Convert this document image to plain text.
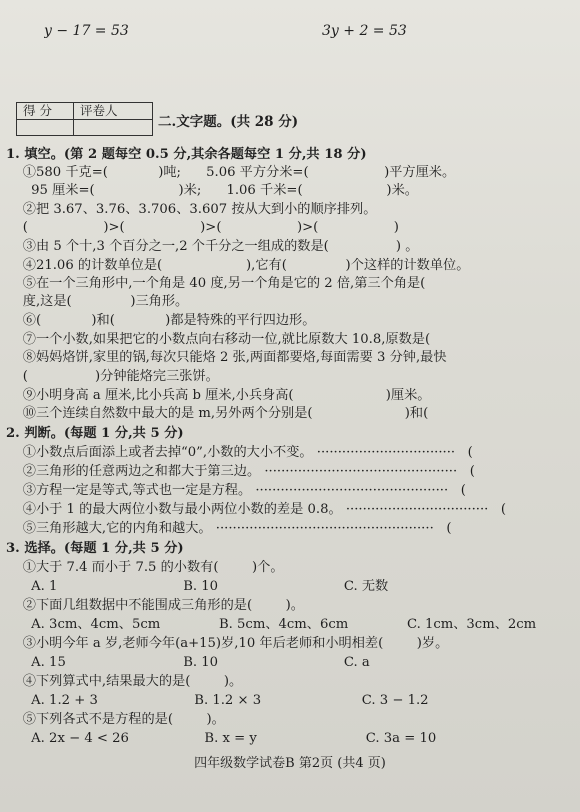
y − 17 = 53	3y + 2 = 53
得 分 评卷人
二.文字题。(共 28 分)
1. 填空。(第 2 题每空 0.5 分,其余各题每空 1 分,共 18 分)
①580 千克=(            )吨;      5.06 平方分米=(                  )平方厘米。
95 厘米=(                    )米;      1.06 千米=(                    )米。
②把 3.67、3.76、3.706、3.607 按从大到小的顺序排列。
(                  )>(                  )>(                  )>(                  )
③由 5 个十,3 个百分之一,2 个千分之一组成的数是(                ) 。
④21.06 的计数单位是(                    ),它有(              )个这样的计数单位。
⑤在一个三角形中,一个角是 40 度,另一个角是它的 2 倍,第三个角是(
度,这是(              )三角形。
⑥(            )和(            )都是特殊的平行四边形。
⑦一个小数,如果把它的小数点向右移动一位,就比原数大 10.8,原数是(
⑧妈妈烙饼,家里的锅,每次只能烙 2 张,两面都要烙,每面需要 3 分钟,最快
(                )分钟能烙完三张饼。
⑨小明身高 a 厘米,比小兵高 b 厘米,小兵身高(                      )厘米。
⑩三个连续自然数中最大的是 m,另外两个分别是(                      )和(
2. 判断。(每题 1 分,共 5 分)
①小数点后面添上或者去掉“0”,小数的大小不变。 ·································   (
②三角形的任意两边之和都大于第三边。 ··············································   (
③方程一定是等式,等式也一定是方程。 ··············································   (
④小于 1 的最大两位小数与最小两位小数的差是 0.8。 ··································   (
⑤三角形越大,它的内角和越大。 ····················································   (
3. 选择。(每题 1 分,共 5 分)
①大于 7.4 而小于 7.5 的小数有(        )个。
A. 1                              B. 10                              C. 无数
②下面几组数据中不能围成三角形的是(        )。
A. 3cm、4cm、5cm              B. 5cm、4cm、6cm              C. 1cm、3cm、2cm
③小明今年 a 岁,老师今年(a+15)岁,10 年后老师和小明相差(        )岁。
A. 15                            B. 10                              C. a
④下列算式中,结果最大的是(        )。
A. 1.2 + 3                       B. 1.2 × 3                        C. 3 − 1.2
⑤下列各式不是方程的是(        )。
A. 2x − 4 < 26                  B. x = y                          C. 3a = 10
四年级数学试卷B 第2页 (共4 页)
